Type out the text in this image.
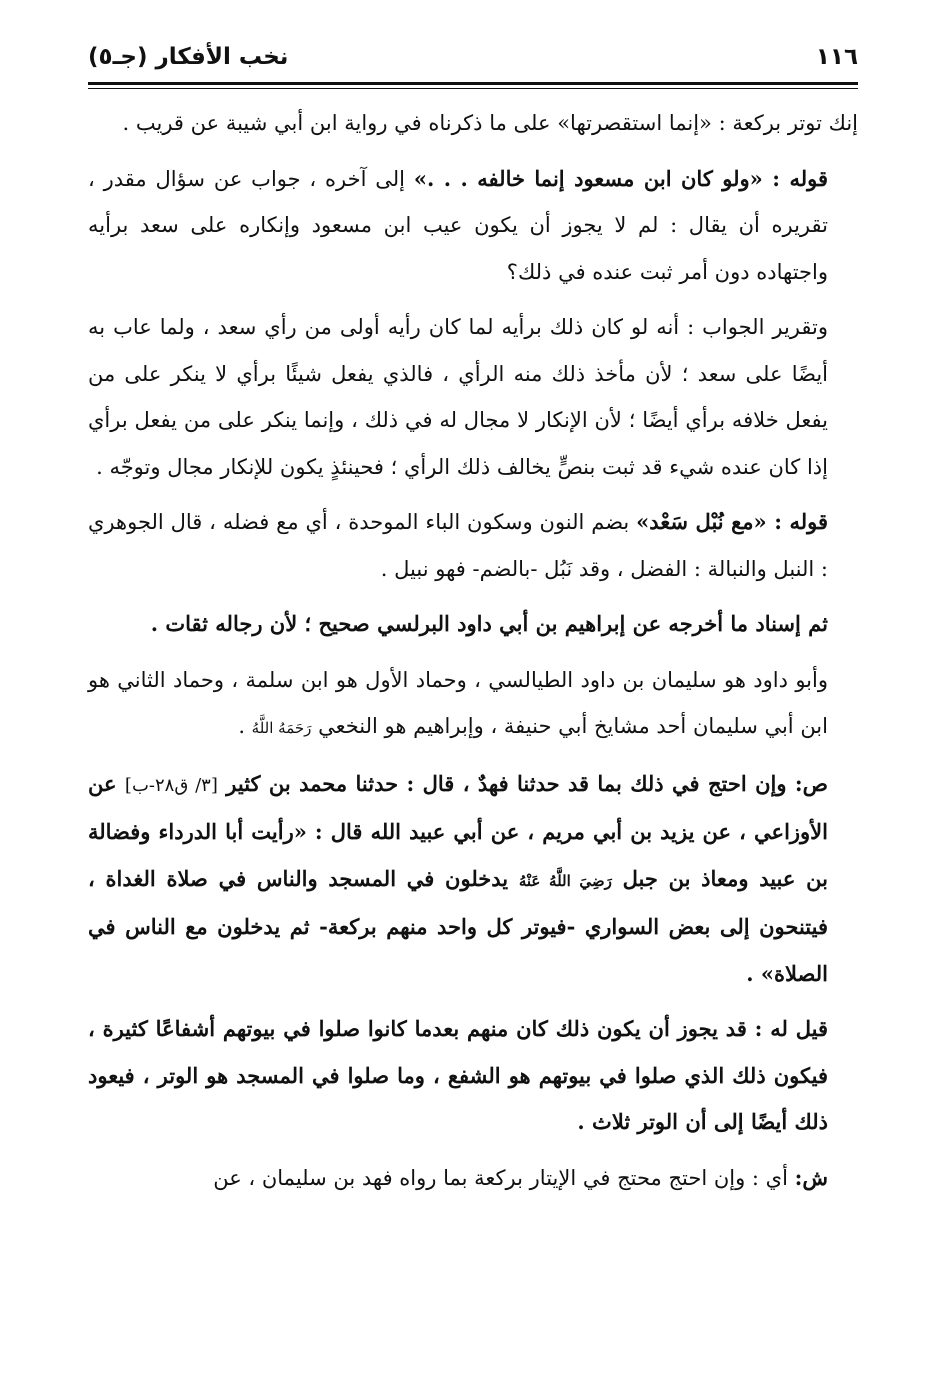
نخب الأفكار (جـ٥)	١١٦

إنك توتر بركعة : «إنما استقصرتها» على ما ذكرناه في رواية ابن أبي شيبة عن قريب .

قوله : «ولو كان ابن مسعود إنما خالفه . . .» إلى آخره ، جواب عن سؤال مقدر ، تقريره أن يقال : لم لا يجوز أن يكون عيب ابن مسعود وإنكاره على سعد برأيه واجتهاده دون أمر ثبت عنده في ذلك؟

وتقرير الجواب : أنه لو كان ذلك برأيه لما كان رأيه أولى من رأي سعد ، ولما عاب به أيضًا على سعد ؛ لأن مأخذ ذلك منه الرأي ، فالذي يفعل شيئًا برأي لا ينكر على من يفعل خلافه برأي أيضًا ؛ لأن الإنكار لا مجال له في ذلك ، وإنما ينكر على من يفعل برأي إذا كان عنده شيء قد ثبت بنصٍّ يخالف ذلك الرأي ؛ فحينئذٍ يكون للإنكار مجال وتوجّه .

قوله : «مع نُبْل سَعْد» بضم النون وسكون الباء الموحدة ، أي مع فضله ، قال الجوهري : النبل والنبالة : الفضل ، وقد نَبُل -بالضم- فهو نبيل .

ثم إسناد ما أخرجه عن إبراهيم بن أبي داود البرلسي صحيح ؛ لأن رجاله ثقات .

وأبو داود هو سليمان بن داود الطيالسي ، وحماد الأول هو ابن سلمة ، وحماد الثاني هو ابن أبي سليمان أحد مشايخ أبي حنيفة ، وإبراهيم هو النخعي رَحَمَهُ اللَّهُ .

ص: وإن احتج في ذلك بما قد حدثنا فهدٌ ، قال : حدثنا محمد بن كثير [٣/ ق٢٨-ب] عن الأوزاعي ، عن يزيد بن أبي مريم ، عن أبي عبيد الله قال : «رأيت أبا الدرداء وفضالة بن عبيد ومعاذ بن جبل رَضِيَ اللَّهُ عَنْهُ يدخلون في المسجد والناس في صلاة الغداة ، فيتنحون إلى بعض السواري -فيوتر كل واحد منهم بركعة- ثم يدخلون مع الناس في الصلاة» .

قيل له : قد يجوز أن يكون ذلك كان منهم بعدما كانوا صلوا في بيوتهم أشفاعًا كثيرة ، فيكون ذلك الذي صلوا في بيوتهم هو الشفع ، وما صلوا في المسجد هو الوتر ، فيعود ذلك أيضًا إلى أن الوتر ثلاث .

ش: أي : وإن احتج محتج في الإيتار بركعة بما رواه فهد بن سليمان ، عن
